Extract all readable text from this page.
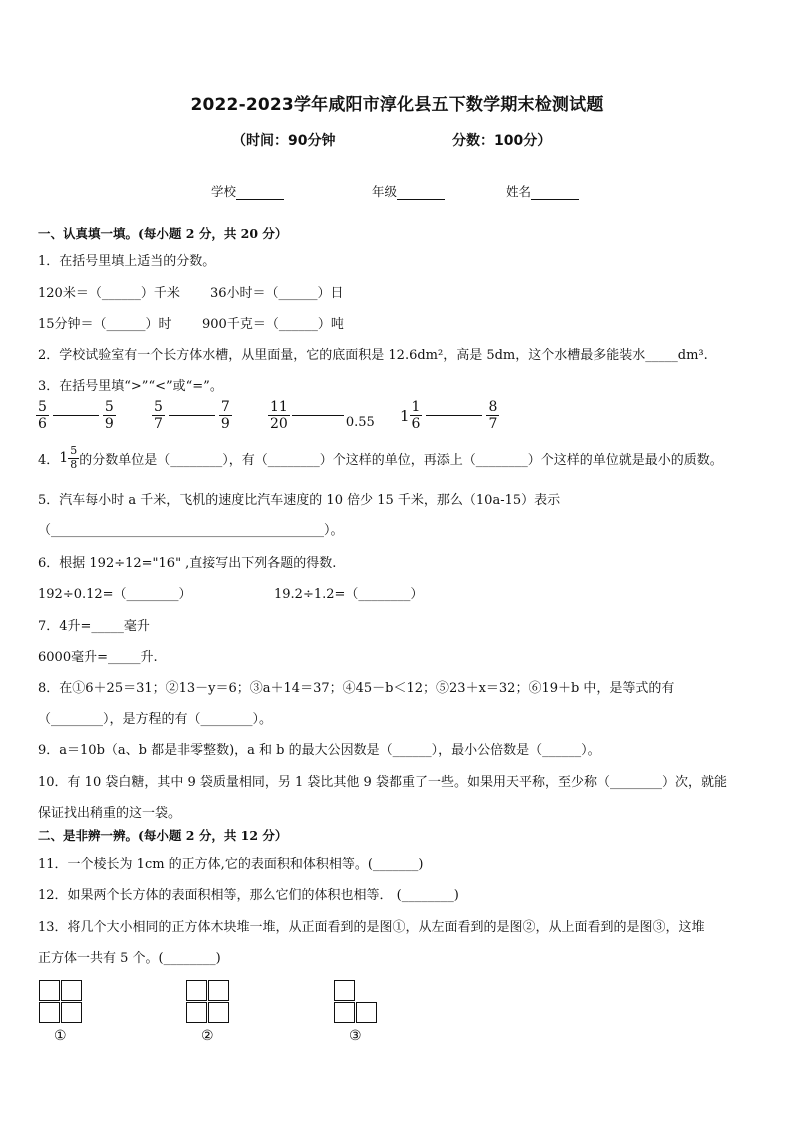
2022-2023学年咸阳市淳化县五下数学期末检测试题
（时间：90分钟	分数：100分）
学校	年级	姓名
一、认真填一填。(每小题 2 分，共 20 分）
1．在括号里填上适当的分数。
120米＝（______）千米 36小时＝（______）日
15分钟＝（______）时 900千克＝（______）吨
2．学校试验室有一个长方体水槽，从里面量，它的底面积是 12.6dm²，高是 5dm，这个水槽最多能装水_____dm³.
3．在括号里填“>”“<”或“=”。
$\frac{5}{6}$	$\frac{5}{9}$	$\frac{5}{7}$	$\frac{7}{9}$	$\frac{11}{20}$	0.55 $1 \frac{1}{6}$	$\frac{8}{7}$
4． $1 \frac{5}{8}$ 的分数单位是（________），有（________）个这样的单位，再添上（________）个这样的单位就是最小的质数。
5．汽车每小时 a 千米，飞机的速度比汽车速度的 10 倍少 15 千米，那么（10a-15）表示
（__________________________________________）。
6．根据 192÷12="16" ,直接写出下列各题的得数.
192÷0.12=（________）	19.2÷1.2=（________）
7．4升=_____毫升
6000毫升=_____升.
8．在①6＋25＝31；②13－y＝6；③a＋14＝37；④45－b＜12；⑤23＋x＝32；⑥19＋b 中，是等式的有
（________），是方程的有（________）。
9．a＝10b（a、b 都是非零整数)，a 和 b 的最大公因数是（______），最小公倍数是（______）。
10．有 10 袋白糖，其中 9 袋质量相同，另 1 袋比其他 9 袋都重了一些。如果用天平称，至少称（________）次，就能
保证找出稍重的这一袋。
二、是非辨一辨。(每小题 2 分，共 12 分）
11．一个棱长为 1cm 的正方体,它的表面积和体积相等。(_______)
12．如果两个长方体的表面积相等，那么它们的体积也相等． (________)
13．将几个大小相同的正方体木块堆一堆，从正面看到的是图①，从左面看到的是图②，从上面看到的是图③，这堆
正方体一共有 5 个。(________)
①	②	③
